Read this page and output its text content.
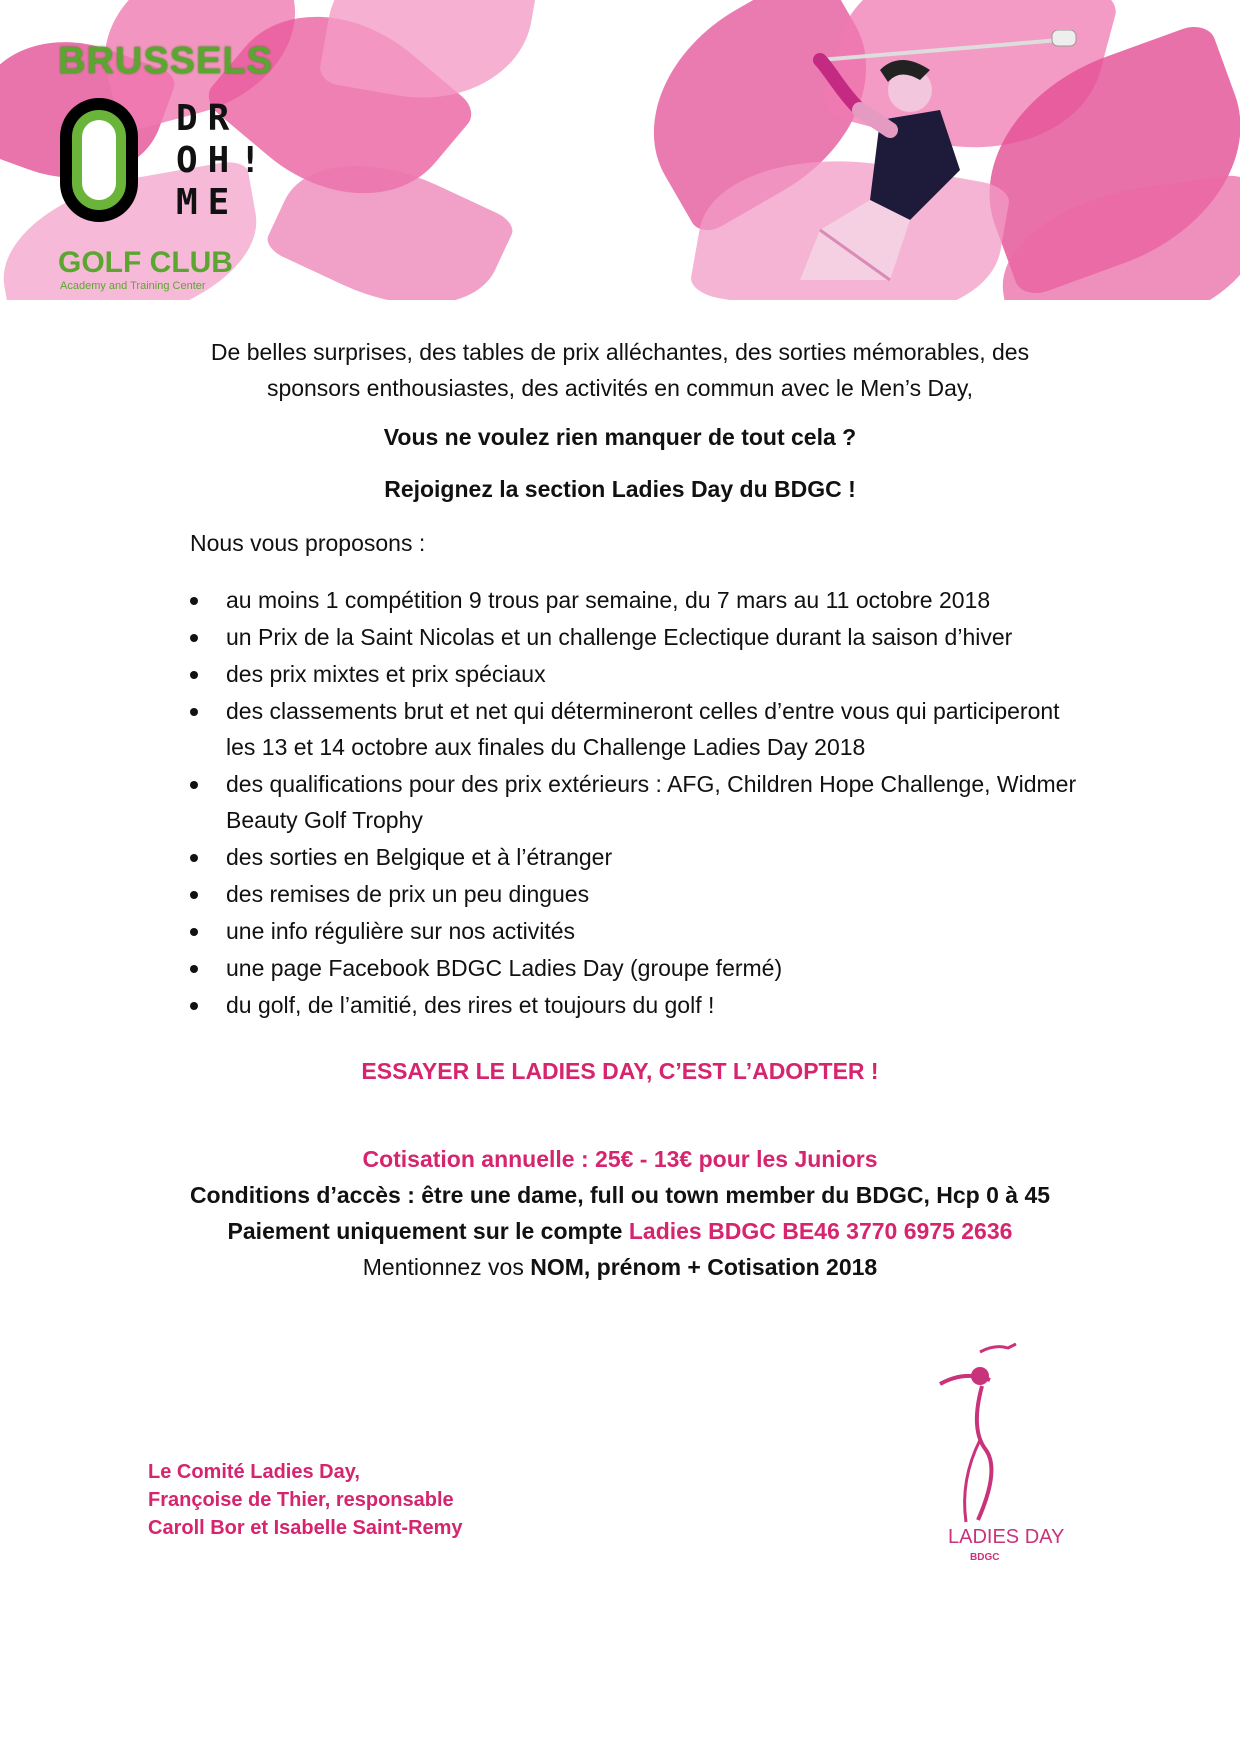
BRUSSELS
DR
OH!
ME
GOLF CLUB
Academy and Training Center
De belles surprises, des tables de prix alléchantes, des sorties mémorables, des
sponsors enthousiastes, des activités en commun avec le Men’s Day,
Vous ne voulez rien manquer de tout cela ?
Rejoignez la section Ladies Day du BDGC !
Nous vous proposons :
au moins 1 compétition 9 trous par semaine, du 7 mars au 11 octobre 2018
un Prix de la Saint Nicolas et un challenge Eclectique durant la saison d’hiver
des prix mixtes et prix spéciaux
des classements brut et net qui détermineront celles d’entre vous qui participeront les 13 et 14 octobre aux finales du Challenge Ladies Day 2018
des qualifications pour des prix extérieurs : AFG, Children Hope Challenge, Widmer Beauty Golf Trophy
des sorties en Belgique et à l’étranger
des remises de prix un peu dingues
une info régulière sur nos activités
une page Facebook BDGC Ladies Day (groupe fermé)
du golf, de l’amitié, des rires et toujours du golf !
ESSAYER LE LADIES DAY, C’EST L’ADOPTER !
Cotisation annuelle : 25€ - 13€ pour les Juniors
Conditions d’accès : être une dame, full ou town member du BDGC, Hcp 0 à 45
Paiement uniquement sur le compte Ladies BDGC BE46 3770 6975 2636
Mentionnez vos NOM, prénom + Cotisation 2018
Le Comité Ladies Day,
Françoise de Thier, responsable
Caroll Bor et Isabelle Saint-Remy	LADIES DAY
BDGC
